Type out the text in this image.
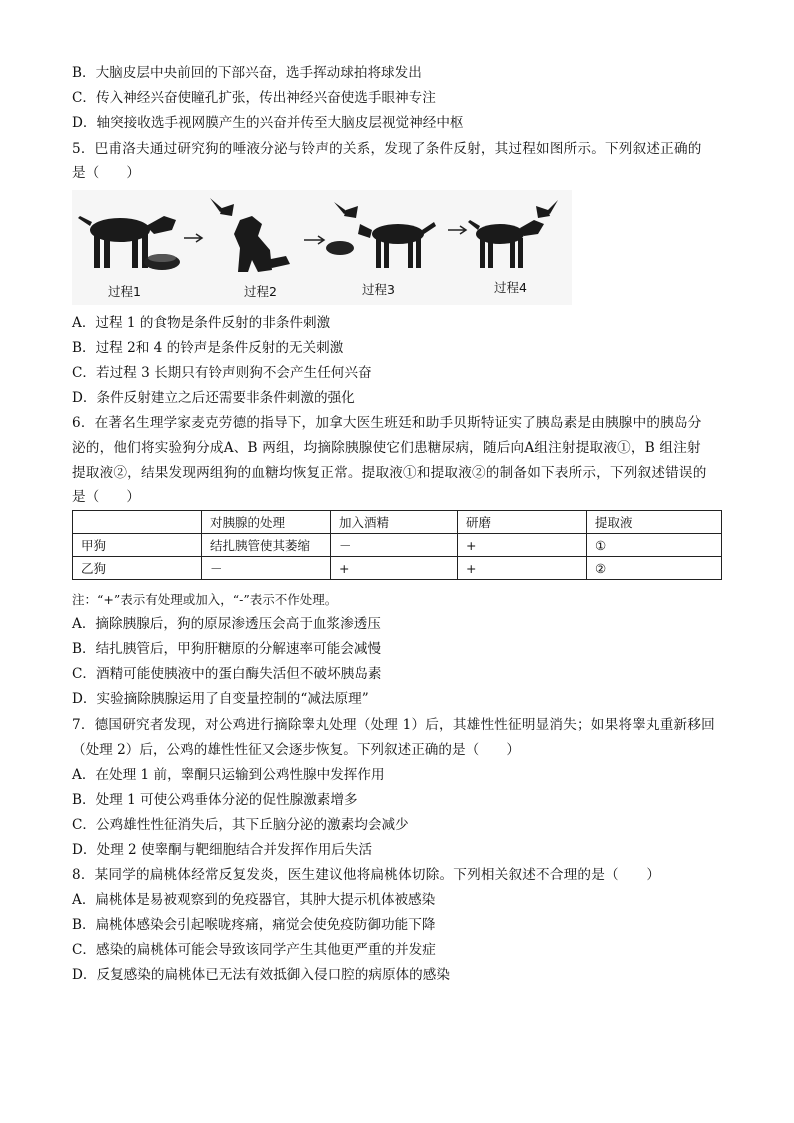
B．大脑皮层中央前回的下部兴奋，选手挥动球拍将球发出
C．传入神经兴奋使瞳孔扩张，传出神经兴奋使选手眼神专注
D．轴突接收选手视网膜产生的兴奋并传至大脑皮层视觉神经中枢
5．巴甫洛夫通过研究狗的唾液分泌与铃声的关系，发现了条件反射，其过程如图所示。下列叙述正确的
是（　　）
过程1	过程2	过程3	过程4
A．过程 1 的食物是条件反射的非条件刺激
B．过程 2和 4 的铃声是条件反射的无关刺激
C．若过程 3 长期只有铃声则狗不会产生任何兴奋
D．条件反射建立之后还需要非条件刺激的强化
6．在著名生理学家麦克劳德的指导下，加拿大医生班廷和助手贝斯特证实了胰岛素是由胰腺中的胰岛分
泌的，他们将实验狗分成A、B 两组，均摘除胰腺使它们患糖尿病，随后向A组注射提取液①，B 组注射
提取液②，结果发现两组狗的血糖均恢复正常。提取液①和提取液②的制备如下表所示，下列叙述错误的
是（　　）
	对胰腺的处理	加入酒精	研磨	提取液
甲狗	结扎胰管使其萎缩	－	+	①
乙狗	－	+	+	②
注：“+”表示有处理或加入，“-”表示不作处理。
A．摘除胰腺后，狗的原尿渗透压会高于血浆渗透压
B．结扎胰管后，甲狗肝糖原的分解速率可能会减慢
C．酒精可能使胰液中的蛋白酶失活但不破坏胰岛素
D．实验摘除胰腺运用了自变量控制的“减法原理”
7．德国研究者发现，对公鸡进行摘除睾丸处理（处理 1）后，其雄性性征明显消失；如果将睾丸重新移回
（处理 2）后，公鸡的雄性性征又会逐步恢复。下列叙述正确的是（　　）
A．在处理 1 前，睾酮只运输到公鸡性腺中发挥作用
B．处理 1 可使公鸡垂体分泌的促性腺激素增多
C．公鸡雄性性征消失后，其下丘脑分泌的激素均会减少
D．处理 2 使睾酮与靶细胞结合并发挥作用后失活
8．某同学的扁桃体经常反复发炎，医生建议他将扁桃体切除。下列相关叙述不合理的是（　　）
A．扁桃体是易被观察到的免疫器官，其肿大提示机体被感染
B．扁桃体感染会引起喉咙疼痛，痛觉会使免疫防御功能下降
C．感染的扁桃体可能会导致该同学产生其他更严重的并发症
D．反复感染的扁桃体已无法有效抵御入侵口腔的病原体的感染
